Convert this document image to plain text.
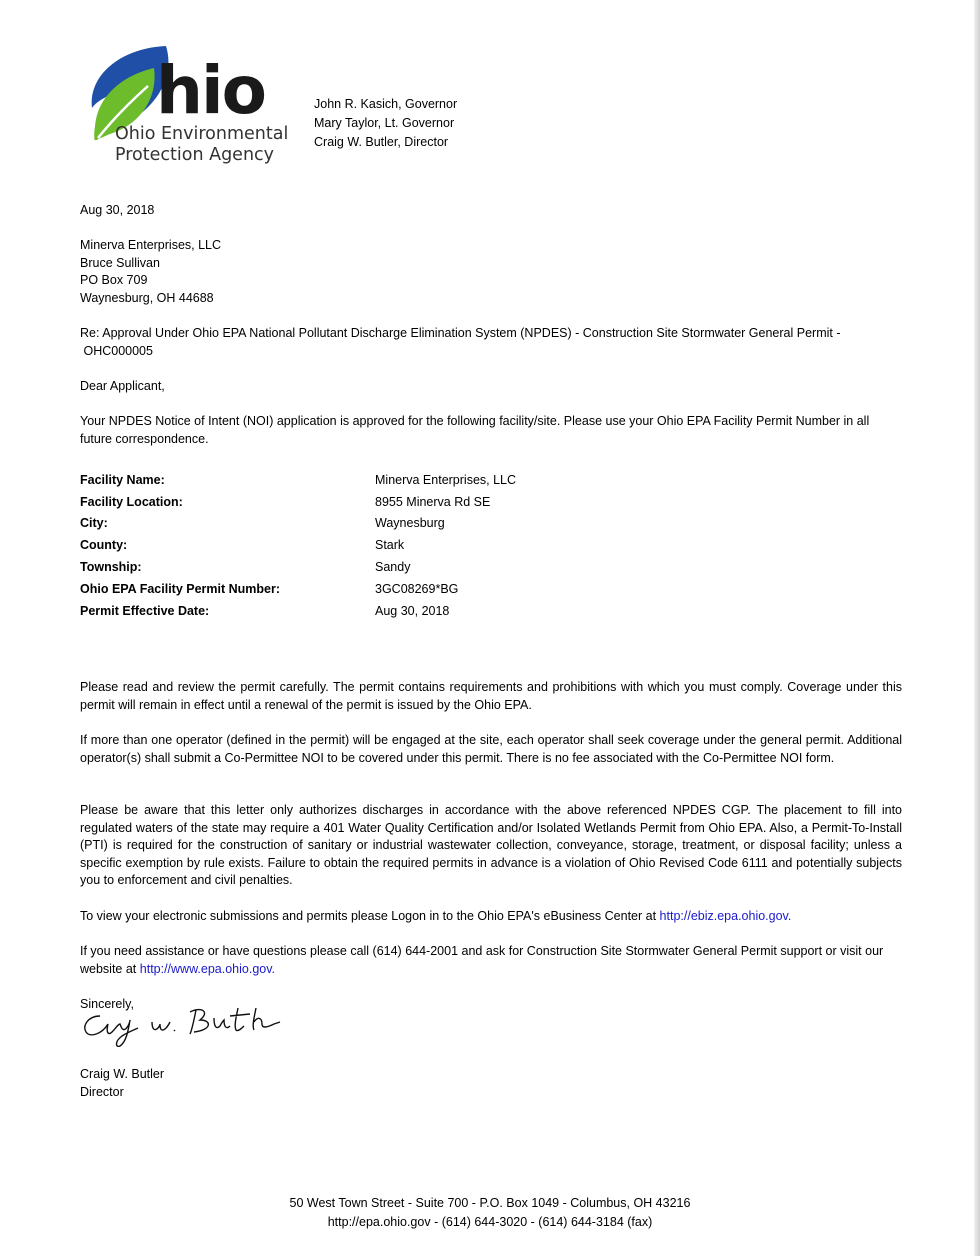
hio
Ohio Environmental
Protection Agency
John R. Kasich, Governor
Mary Taylor, Lt. Governor
Craig W. Butler, Director
Aug 30, 2018
Minerva Enterprises, LLC
Bruce Sullivan
PO Box 709
Waynesburg, OH 44688
Re: Approval Under Ohio EPA National Pollutant Discharge Elimination System (NPDES) - Construction Site Stormwater General Permit -
OHC000005
Dear Applicant,
Your NPDES Notice of Intent (NOI) application is approved for the following facility/site. Please use your Ohio EPA Facility Permit Number in all future correspondence.
Facility Name:	Minerva Enterprises, LLC
Facility Location:	8955 Minerva Rd SE
City:	Waynesburg
County:	Stark
Township:	Sandy
Ohio EPA Facility Permit Number:	3GC08269*BG
Permit Effective Date:	Aug 30, 2018
Please read and review the permit carefully. The permit contains requirements and prohibitions with which you must comply. Coverage under this permit will remain in effect until a renewal of the permit is issued by the Ohio EPA.
If more than one operator (defined in the permit) will be engaged at the site, each operator shall seek coverage under the general permit. Additional operator(s) shall submit a Co-Permittee NOI to be covered under this permit. There is no fee associated with the Co-Permittee NOI form.
Please be aware that this letter only authorizes discharges in accordance with the above referenced NPDES CGP. The placement to fill into regulated waters of the state may require a 401 Water Quality Certification and/or Isolated Wetlands Permit from Ohio EPA. Also, a Permit-To-Install (PTI) is required for the construction of sanitary or industrial wastewater collection, conveyance, storage, treatment, or disposal facility; unless a specific exemption by rule exists. Failure to obtain the required permits in advance is a violation of Ohio Revised Code 6111 and potentially subjects you to enforcement and civil penalties.
To view your electronic submissions and permits please Logon in to the Ohio EPA's eBusiness Center at http://ebiz.epa.ohio.gov.
If you need assistance or have questions please call (614) 644-2001 and ask for Construction Site Stormwater General Permit support or visit our website at http://www.epa.ohio.gov.
Sincerely,
Craig W. Butler
Director
50 West Town Street - Suite 700 - P.O. Box 1049 - Columbus, OH 43216
http://epa.ohio.gov - (614) 644-3020 - (614) 644-3184 (fax)
